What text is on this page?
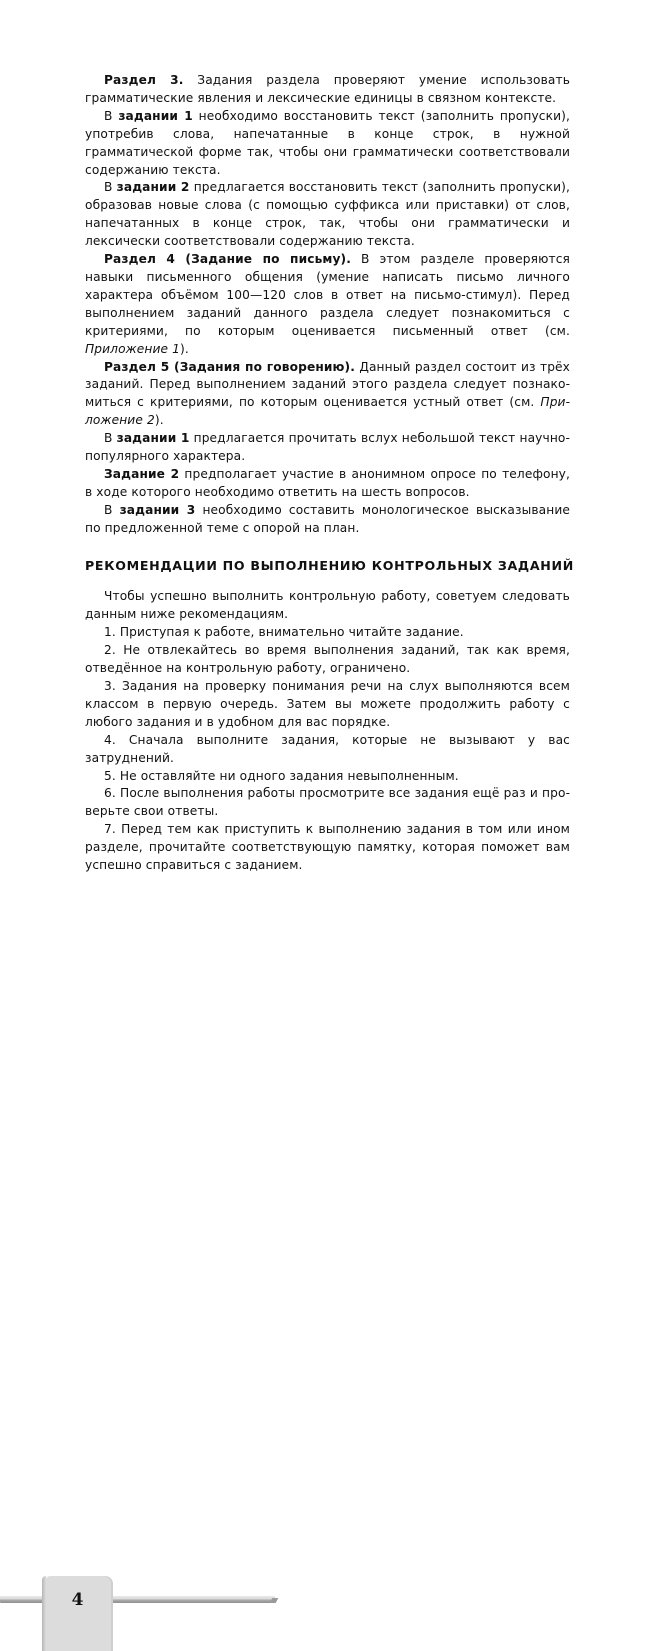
Раздел 3. Задания раздела проверяют умение использовать грамматические явления и лексические единицы в связном контексте.

В задании 1 необходимо восстановить текст (заполнить пропуски), употребив слова, напечатанные в конце строк, в нужной грамматической форме так, чтобы они грамматически соответствовали содержанию текста.

В задании 2 предлагается восстановить текст (заполнить пропуски), образовав новые слова (с помощью суффикса или приставки) от слов, напечатанных в конце строк, так, чтобы они грамматически и лексически соответствовали содержанию текста.

Раздел 4 (Задание по письму). В этом разделе проверяются навыки письменного общения (умение написать письмо личного характера объёмом 100—120 слов в ответ на письмо-стимул). Перед выполнением заданий данного раздела следует познакомиться с критериями, по которым оценивается письменный ответ (см. Приложение 1).

Раздел 5 (Задания по говорению). Данный раздел состоит из трёх заданий. Перед выполнением заданий этого раздела следует познакомиться с критериями, по которым оценивается устный ответ (см. Приложение 2).

В задании 1 предлагается прочитать вслух небольшой текст научно-популярного характера.

Задание 2 предполагает участие в анонимном опросе по телефону, в ходе которого необходимо ответить на шесть вопросов.

В задании 3 необходимо составить монологическое высказывание по предложенной теме с опорой на план.

РЕКОМЕНДАЦИИ ПО ВЫПОЛНЕНИЮ КОНТРОЛЬНЫХ ЗАДАНИЙ

Чтобы успешно выполнить контрольную работу, советуем следовать данным ниже рекомендациям.

1. Приступая к работе, внимательно читайте задание.

2. Не отвлекайтесь во время выполнения заданий, так как время, отведённое на контрольную работу, ограничено.

3. Задания на проверку понимания речи на слух выполняются всем классом в первую очередь. Затем вы можете продолжить работу с любого задания и в удобном для вас порядке.

4. Сначала выполните задания, которые не вызывают у вас затруднений.

5. Не оставляйте ни одного задания невыполненным.

6. После выполнения работы просмотрите все задания ещё раз и проверьте свои ответы.

7. Перед тем как приступить к выполнению задания в том или ином разделе, прочитайте соответствующую памятку, которая поможет вам успешно справиться с заданием.

4
